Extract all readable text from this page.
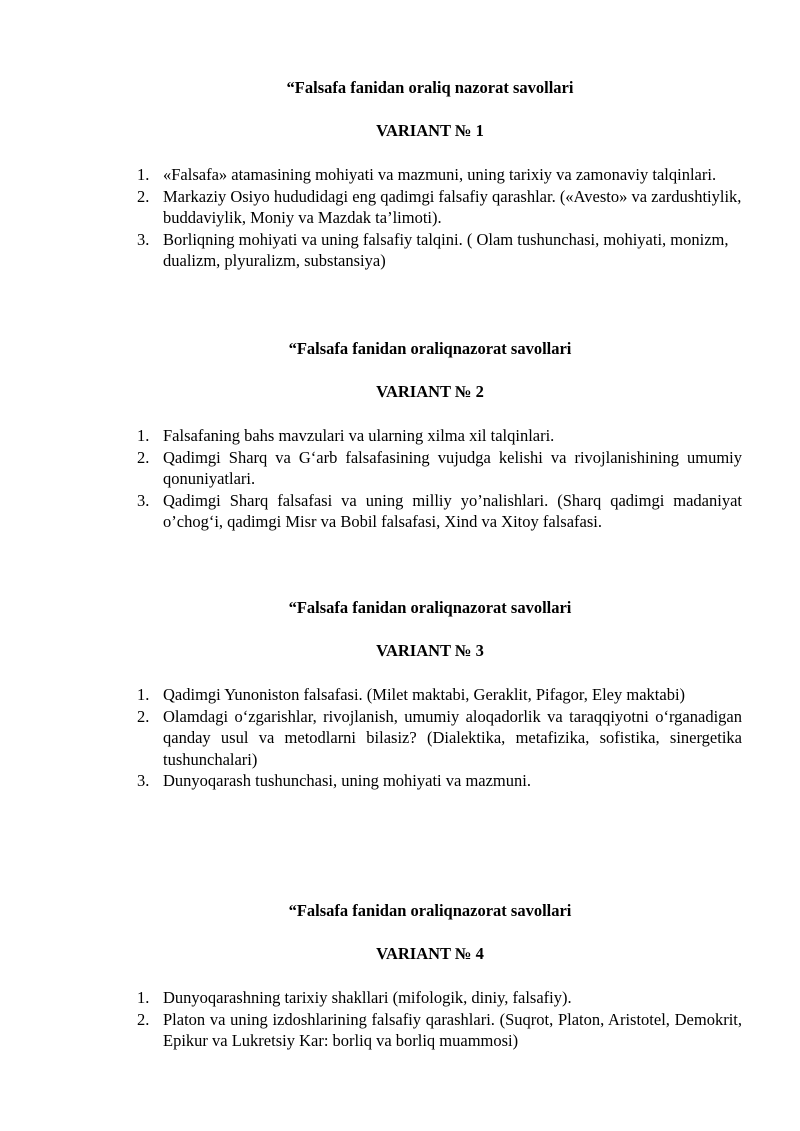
“Falsafa fanidan oraliq nazorat savollari

VARIANT № 1

1. «Falsafa» atamasining mohiyati va mazmuni, uning tarixiy va zamonaviy talqinlari.
2. Markaziy Osiyo hududidagi eng qadimgi falsafiy qarashlar. («Avesto» va zardushtiylik, buddaviylik, Moniy va Mazdak ta’limoti).
3. Borliqning mohiyati va uning falsafiy talqini. ( Olam tushunchasi, mohiyati, monizm, dualizm, plyuralizm, substansiya)

“Falsafa fanidan oraliqnazorat savollari

VARIANT № 2

1. Falsafaning bahs mavzulari va ularning xilma xil talqinlari.
2. Qadimgi Sharq va G‘arb falsafasining vujudga kelishi va rivojlanishining umumiy qonuniyatlari.
3. Qadimgi Sharq falsafasi va uning milliy yo’nalishlari. (Sharq qadimgi madaniyat o’chog‘i, qadimgi Misr va Bobil falsafasi, Xind va Xitoy falsafasi.

“Falsafa fanidan oraliqnazorat savollari

VARIANT № 3

1. Qadimgi Yunoniston falsafasi. (Milet maktabi, Geraklit, Pifagor, Eley maktabi)
2. Olamdagi o‘zgarishlar, rivojlanish, umumiy aloqadorlik va taraqqiyotni o‘rganadigan qanday usul va metodlarni bilasiz? (Dialektika, metafizika, sofistika, sinergetika tushunchalari)
3. Dunyoqarash tushunchasi, uning mohiyati va mazmuni.

“Falsafa fanidan oraliqnazorat savollari

VARIANT № 4

1. Dunyoqarashning tarixiy shakllari (mifologik, diniy, falsafiy).
2. Platon va uning izdoshlarining falsafiy qarashlari. (Suqrot, Platon, Aristotel, Demokrit, Epikur va Lukretsiy Kar: borliq va borliq muammosi)
